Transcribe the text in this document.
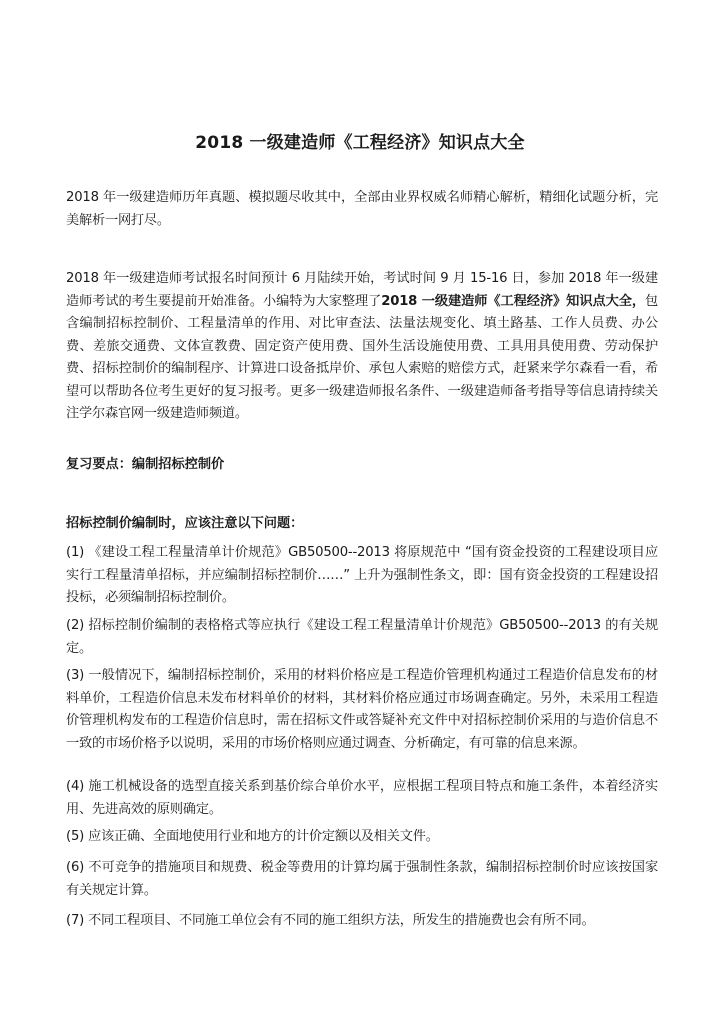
2018 一级建造师《工程经济》知识点大全
2018 年一级建造师历年真题、模拟题尽收其中，全部由业界权威名师精心解析，精细化试题分析，完美解析一网打尽。
2018 年一级建造师考试报名时间预计 6 月陆续开始，考试时间 9 月 15-16 日，参加 2018 年一级建造师考试的考生要提前开始准备。小编特为大家整理了2018 一级建造师《工程经济》知识点大全，包含编制招标控制价、工程量清单的作用、对比审查法、法量法规变化、填土路基、工作人员费、办公费、差旅交通费、文体宣教费、固定资产使用费、国外生活设施使用费、工具用具使用费、劳动保护费、招标控制价的编制程序、计算进口设备抵岸价、承包人索赔的赔偿方式，赶紧来学尔森看一看，希望可以帮助各位考生更好的复习报考。更多一级建造师报名条件、一级建造师备考指导等信息请持续关注学尔森官网一级建造师频道。
复习要点：编制招标控制价
招标控制价编制时，应该注意以下问题：
(1) 《建设工程工程量清单计价规范》GB50500--2013 将原规范中 “国有资金投资的工程建设项目应实行工程量清单招标，并应编制招标控制价……” 上升为强制性条文，即：国有资金投资的工程建设招投标，必须编制招标控制价。
(2) 招标控制价编制的表格格式等应执行《建设工程工程量清单计价规范》GB50500--2013 的有关规定。
(3) 一般情况下，编制招标控制价，采用的材料价格应是工程造价管理机构通过工程造价信息发布的材料单价，工程造价信息未发布材料单价的材料，其材料价格应通过市场调查确定。另外，未采用工程造价管理机构发布的工程造价信息时，需在招标文件或答疑补充文件中对招标控制价采用的与造价信息不一致的市场价格予以说明，采用的市场价格则应通过调查、分析确定，有可靠的信息来源。
(4) 施工机械设备的选型直接关系到基价综合单价水平，应根据工程项目特点和施工条件，本着经济实用、先进高效的原则确定。
(5) 应该正确、全面地使用行业和地方的计价定额以及相关文件。
(6) 不可竞争的措施项目和规费、税金等费用的计算均属于强制性条款，编制招标控制价时应该按国家有关规定计算。
(7) 不同工程项目、不同施工单位会有不同的施工组织方法，所发生的措施费也会有所不同。
